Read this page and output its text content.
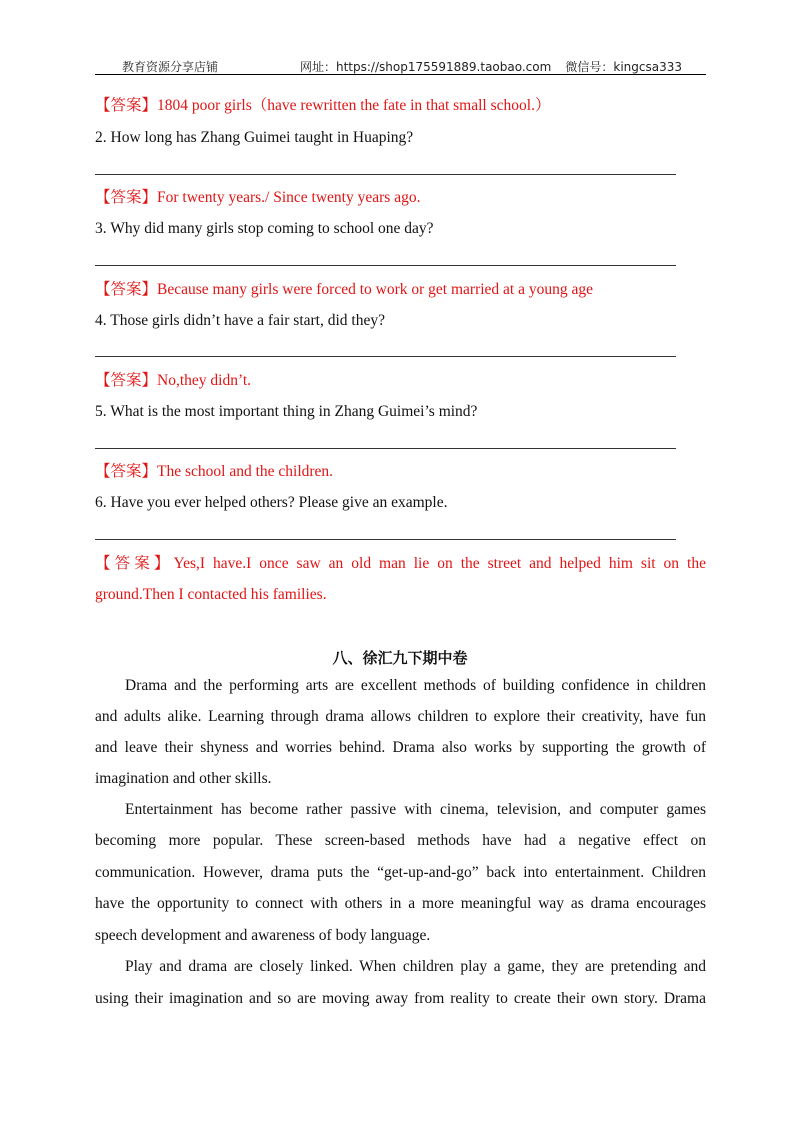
教育资源分享店铺	网址：https://shop175591889.taobao.com 微信号：kingcsa333
【答案】1804 poor girls（have rewritten the fate in that small school.）
2. How long has Zhang Guimei taught in Huaping?
【答案】For twenty years./ Since twenty years ago.
3. Why did many girls stop coming to school one day?
【答案】Because many girls were forced to work or get married at a young age
4. Those girls didn’t have a fair start, did they?
【答案】No,they didn’t.
5. What is the most important thing in Zhang Guimei’s mind?
【答案】The school and the children.
6. Have you ever helped others? Please give an example.
【答案】Yes,I have.I once saw an old man lie on the street and helped him sit on the
ground.Then I contacted his families.
八、徐汇九下期中卷
Drama and the performing arts are excellent methods of building confidence in children
and adults alike. Learning through drama allows children to explore their creativity, have fun
and leave their shyness and worries behind. Drama also works by supporting the growth of
imagination and other skills.
Entertainment has become rather passive with cinema, television, and computer games
becoming more popular. These screen-based methods have had a negative effect on
communication. However, drama puts the “get-up-and-go” back into entertainment. Children
have the opportunity to connect with others in a more meaningful way as drama encourages
speech development and awareness of body language.
Play and drama are closely linked. When children play a game, they are pretending and
using their imagination and so are moving away from reality to create their own story. Drama
